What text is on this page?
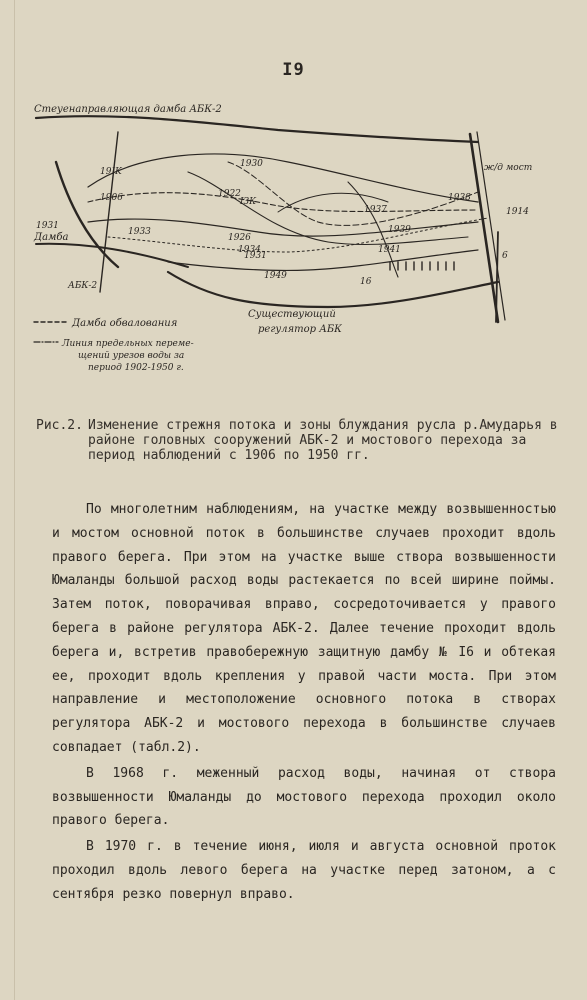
I9
Стеуенаправляющая дамба АБК-2
Дамба
АБК-2
ж/д мост
Существующий
регулятор АБК
Дамба обвалования
Линия предельных переме-
щений урезов воды за
период 1902-1950 г.
19IK
1906
1930
1922
1933
1931
1926
1934
1937
1938
1941
1931
1949
1939
1914
IЗК
16
6
Рис.2. Изменение стрежня потока и зоны блуждания русла р.Амударья в районе головных сооружений АБК-2 и мостового перехода за период наблюдений с 1906 по 1950 гг.

По многолетним наблюдениям, на участке между возвышенностью и мостом основной поток в большинстве случаев проходит вдоль правого берега. При этом на участке выше створа возвышенности Юмаланды большой расход воды растекается по всей ширине поймы. Затем поток, поворачивая вправо, сосредоточивается у правого берега в районе регулятора АБК-2. Далее течение проходит вдоль берега и, встретив правобережную защитную дамбу № I6 и обтекая ее, проходит вдоль крепления у правой части моста. При этом направление и местоположение основного потока в створах регулятора АБК-2 и мостового перехода в большинстве случаев совпадает (табл.2).

В 1968 г. меженный расход воды, начиная от створа возвышенности Юмаланды до мостового перехода проходил около правого берега.

В 1970 г. в течение июня, июля и августа основной проток проходил вдоль левого берега на участке перед затоном, а с сентября резко повернул вправо.
